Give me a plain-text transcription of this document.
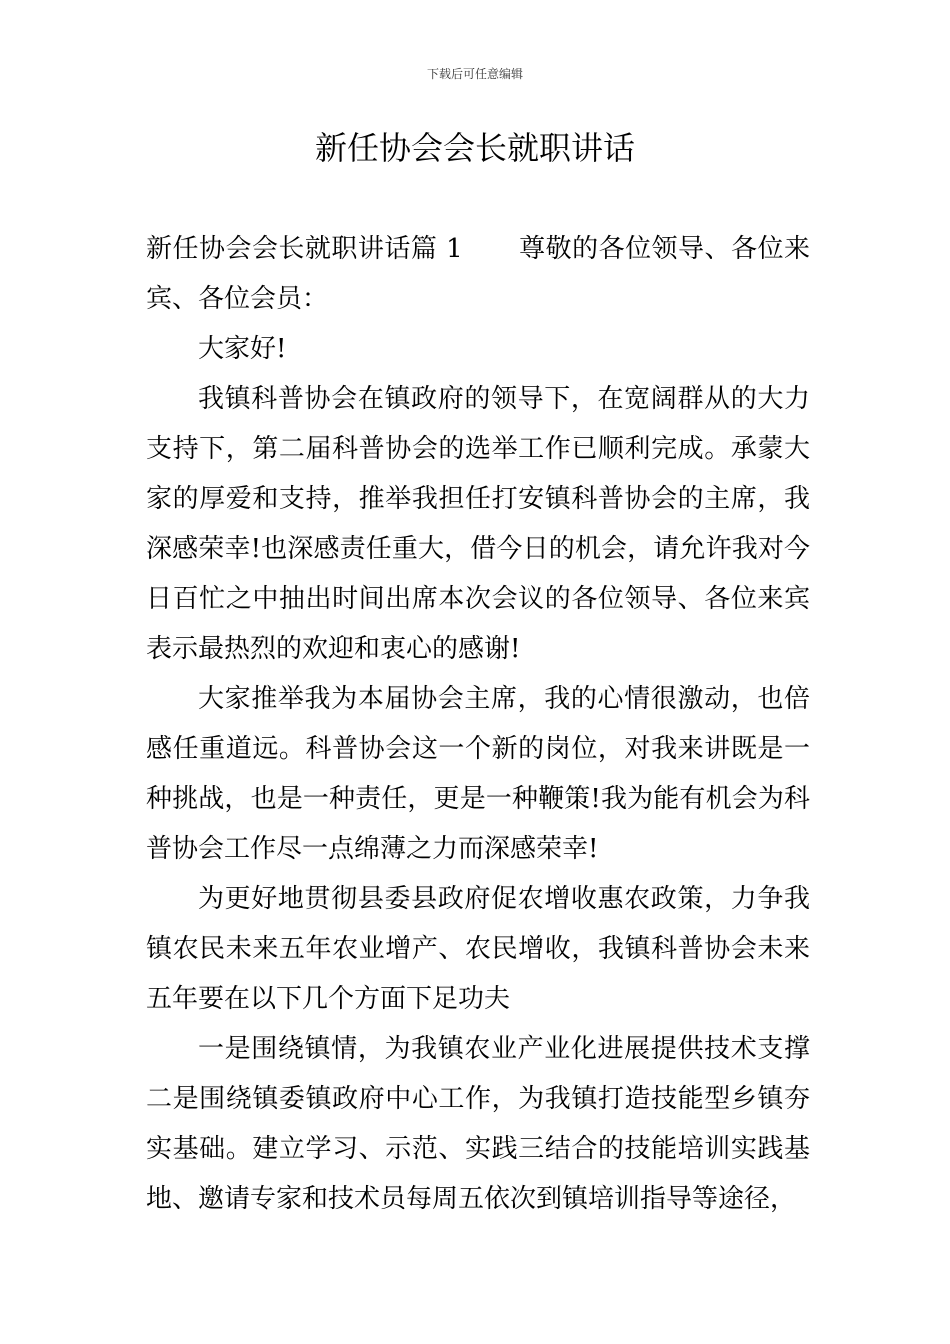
下载后可任意编辑
新任协会会长就职讲话

新任协会会长就职讲话篇 1 尊敬的各位领导、各位来宾、各位会员：

大家好!

我镇科普协会在镇政府的领导下，在宽阔群从的大力支持下，第二届科普协会的选举工作已顺利完成。承蒙大家的厚爱和支持，推举我担任打安镇科普协会的主席，我深感荣幸!也深感责任重大，借今日的机会，请允许我对今日百忙之中抽出时间出席本次会议的各位领导、各位来宾表示最热烈的欢迎和衷心的感谢!

大家推举我为本届协会主席，我的心情很激动，也倍感任重道远。科普协会这一个新的岗位，对我来讲既是一种挑战，也是一种责任，更是一种鞭策!我为能有机会为科普协会工作尽一点绵薄之力而深感荣幸!

为更好地贯彻县委县政府促农增收惠农政策，力争我镇农民未来五年农业增产、农民增收，我镇科普协会未来五年要在以下几个方面下足功夫

一是围绕镇情，为我镇农业产业化进展提供技术支撑 二是围绕镇委镇政府中心工作，为我镇打造技能型乡镇夯实基础。建立学习、示范、实践三结合的技能培训实践基地、邀请专家和技术员每周五依次到镇培训指导等途径，
